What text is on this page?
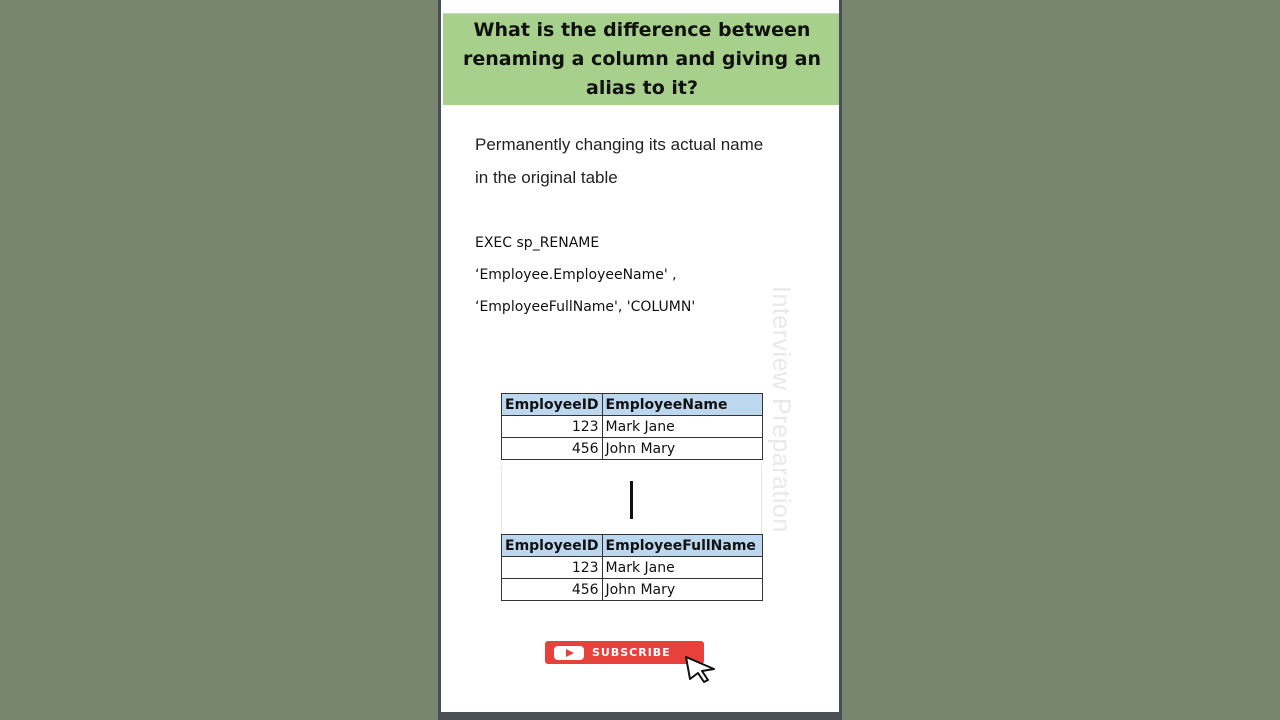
What is the difference between renaming a column and giving an alias to it?
Permanently changing its actual name
in the original table
EXEC sp_RENAME
‘Employee.EmployeeName' ,
‘EmployeeFullName', 'COLUMN'	Interview Preparation
EmployeeID	EmployeeName
123	Mark Jane
456	John Mary
EmployeeID	EmployeeFullName
123	Mark Jane
456	John Mary
SUBSCRIBE
